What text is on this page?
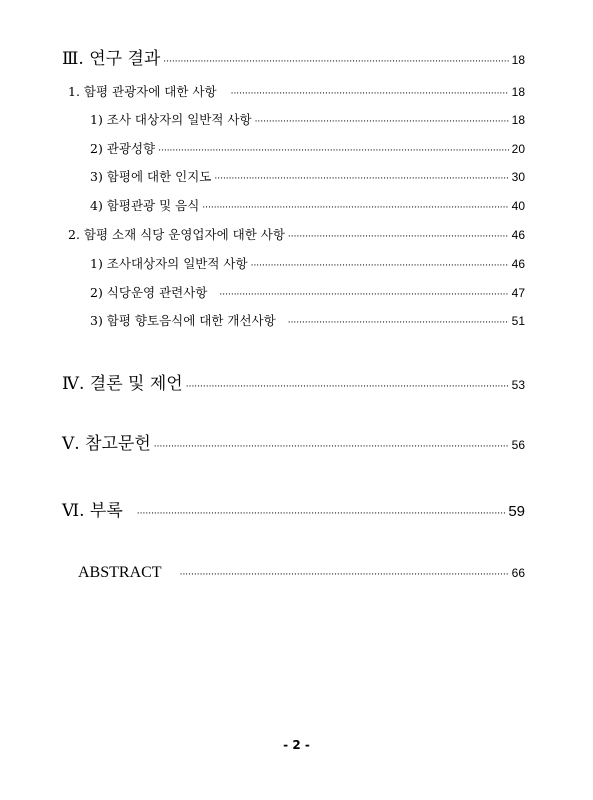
Ⅲ. 연구 결과 ·····	18
1. 함평 관광자에 대한 사항 ·····	18
1) 조사 대상자의 일반적 사항 ·····	18
2) 관광성향 ·····	20
3) 함평에 대한 인지도 ·····	30
4) 함평관광 및 음식 ·····	40
2. 함평 소재 식당 운영업자에 대한 사항 ·····	46
1) 조사대상자의 일반적 사항 ·····	46
2) 식당운영 관련사항 ·····	47
3) 함평 향토음식에 대한 개선사항 ·····	51
Ⅳ. 결론 및 제언 ·····	53
Ⅴ. 참고문헌 ·····	56
Ⅵ. 부록 ·····	59
ABSTRACT ·····	66
- 2 -
